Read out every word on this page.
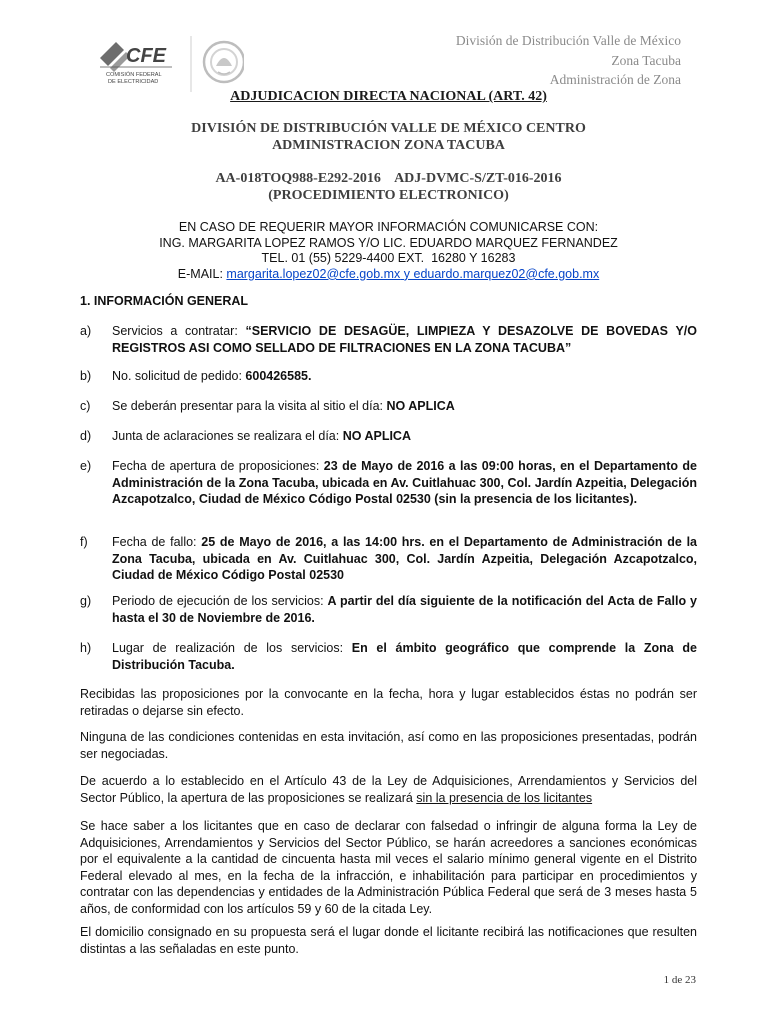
CFE
COMISIÓN FEDERAL
DE ELECTRICIDAD
División de Distribución Valle de México
Zona Tacuba
Administración de Zona
ADJUDICACION DIRECTA NACIONAL (ART. 42)
DIVISIÓN DE DISTRIBUCIÓN VALLE DE MÉXICO CENTRO
ADMINISTRACION ZONA TACUBA
AA-018TOQ988-E292-2016    ADJ-DVMC-S/ZT-016-2016
(PROCEDIMIENTO ELECTRONICO)
EN CASO DE REQUERIR MAYOR INFORMACIÓN COMUNICARSE CON:
ING. MARGARITA LOPEZ RAMOS Y/O LIC. EDUARDO MARQUEZ FERNANDEZ
TEL. 01 (55) 5229-4400 EXT.  16280 Y 16283
E-MAIL: margarita.lopez02@cfe.gob.mx y eduardo.marquez02@cfe.gob.mx
1. INFORMACIÓN GENERAL
a) Servicios a contratar: “SERVICIO DE DESAGÜE, LIMPIEZA Y DESAZOLVE DE BOVEDAS Y/O REGISTROS ASI COMO SELLADO DE FILTRACIONES EN LA ZONA TACUBA”
b) No. solicitud de pedido: 600426585.
c) Se deberán presentar para la visita al sitio el día: NO APLICA
d) Junta de aclaraciones se realizara el día: NO APLICA
e) Fecha de apertura de proposiciones: 23 de Mayo de 2016 a las 09:00 horas, en el Departamento de Administración de la Zona Tacuba, ubicada en Av. Cuitlahuac 300, Col. Jardín Azpeitia, Delegación Azcapotzalco, Ciudad de México Código Postal 02530 (sin la presencia de los licitantes).
f) Fecha de fallo: 25 de Mayo de 2016, a las 14:00 hrs. en el Departamento de Administración de la Zona Tacuba, ubicada en Av. Cuitlahuac 300, Col. Jardín Azpeitia, Delegación Azcapotzalco, Ciudad de México Código Postal 02530
g) Periodo de ejecución de los servicios: A partir del día siguiente de la notificación del Acta de Fallo y hasta el 30 de Noviembre de 2016.
h) Lugar de realización de los servicios: En el ámbito geográfico que comprende la Zona de Distribución Tacuba.
Recibidas las proposiciones por la convocante en la fecha, hora y lugar establecidos éstas no podrán ser retiradas o dejarse sin efecto.
Ninguna de las condiciones contenidas en esta invitación, así como en las proposiciones presentadas, podrán ser negociadas.
De acuerdo a lo establecido en el Artículo 43 de la Ley de Adquisiciones, Arrendamientos y Servicios del Sector Público, la apertura de las proposiciones se realizará sin la presencia de los licitantes
Se hace saber a los licitantes que en caso de declarar con falsedad o infringir de alguna forma la Ley de Adquisiciones, Arrendamientos y Servicios del Sector Público, se harán acreedores a sanciones económicas por el equivalente a la cantidad de cincuenta hasta mil veces el salario mínimo general vigente en el Distrito Federal elevado al mes, en la fecha de la infracción, e inhabilitación para participar en procedimientos y contratar con las dependencias y entidades de la Administración Pública Federal que será de 3 meses hasta 5 años, de conformidad con los artículos 59 y 60 de la citada Ley.
El domicilio consignado en su propuesta será el lugar donde el licitante recibirá las notificaciones que resulten distintas a las señaladas en este punto.
1 de 23
